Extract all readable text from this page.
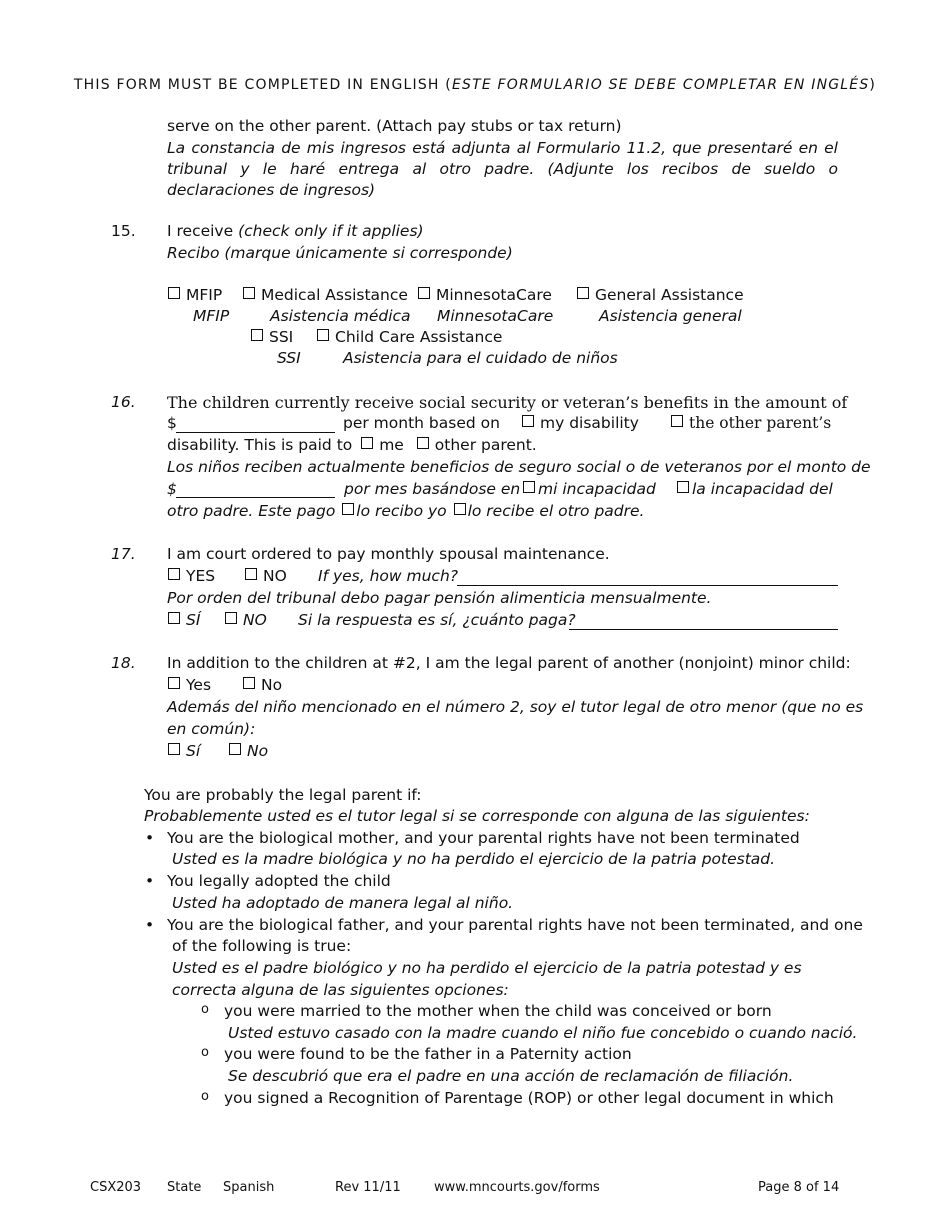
THIS FORM MUST BE COMPLETED IN ENGLISH (ESTE FORMULARIO SE DEBE COMPLETAR EN INGLÉS)
serve on the other parent. (Attach pay stubs or tax return)
La constancia de mis ingresos está adjunta al Formulario 11.2, que presentaré en el tribunal y le haré entrega al otro padre. (Adjunte los recibos de sueldo o declaraciones de ingresos)
15. I receive (check only if it applies)
Recibo (marque únicamente si corresponde)
MFIP	Medical Assistance	MinnesotaCare	General Assistance
MFIP	Asistencia médica MinnesotaCare	Asistencia general
SSI	Child Care Assistance
SSI	Asistencia para el cuidado de niños
16. The children currently receive social security or veteran’s benefits in the amount of
$	per month based on	my disability	the other parent’s
disability. This is paid to me other parent.
Los niños reciben actualmente beneficios de seguro social o de veteranos por el monto de
$	por mes basándose en	mi incapacidad	la incapacidad del
otro padre. Este pago lo recibo yo lo recibe el otro padre.
17. I am court ordered to pay monthly spousal maintenance.
YES	NO If yes, how much?
Por orden del tribunal debo pagar pensión alimenticia mensualmente.
SÍ	NO Si la respuesta es sí, ¿cuánto paga?
18. In addition to the children at #2, I am the legal parent of another (nonjoint) minor child:
Yes	No
Además del niño mencionado en el número 2, soy el tutor legal de otro menor (que no es
en común):
Sí	No
You are probably the legal parent if:
Probablemente usted es el tutor legal si se corresponde con alguna de las siguientes:
• You are the biological mother, and your parental rights have not been terminated
Usted es la madre biológica y no ha perdido el ejercicio de la patria potestad.
• You legally adopted the child
Usted ha adoptado de manera legal al niño.
• You are the biological father, and your parental rights have not been terminated, and one
of the following is true:
Usted es el padre biológico y no ha perdido el ejercicio de la patria potestad y es
correcta alguna de las siguientes opciones:
o you were married to the mother when the child was conceived or born
Usted estuvo casado con la madre cuando el niño fue concebido o cuando nació.
o you were found to be the father in a Paternity action
Se descubrió que era el padre en una acción de reclamación de filiación.
o you signed a Recognition of Parentage (ROP) or other legal document in which
CSX203 State Spanish	Rev 11/11	www.mncourts.gov/forms	Page 8 of 14
